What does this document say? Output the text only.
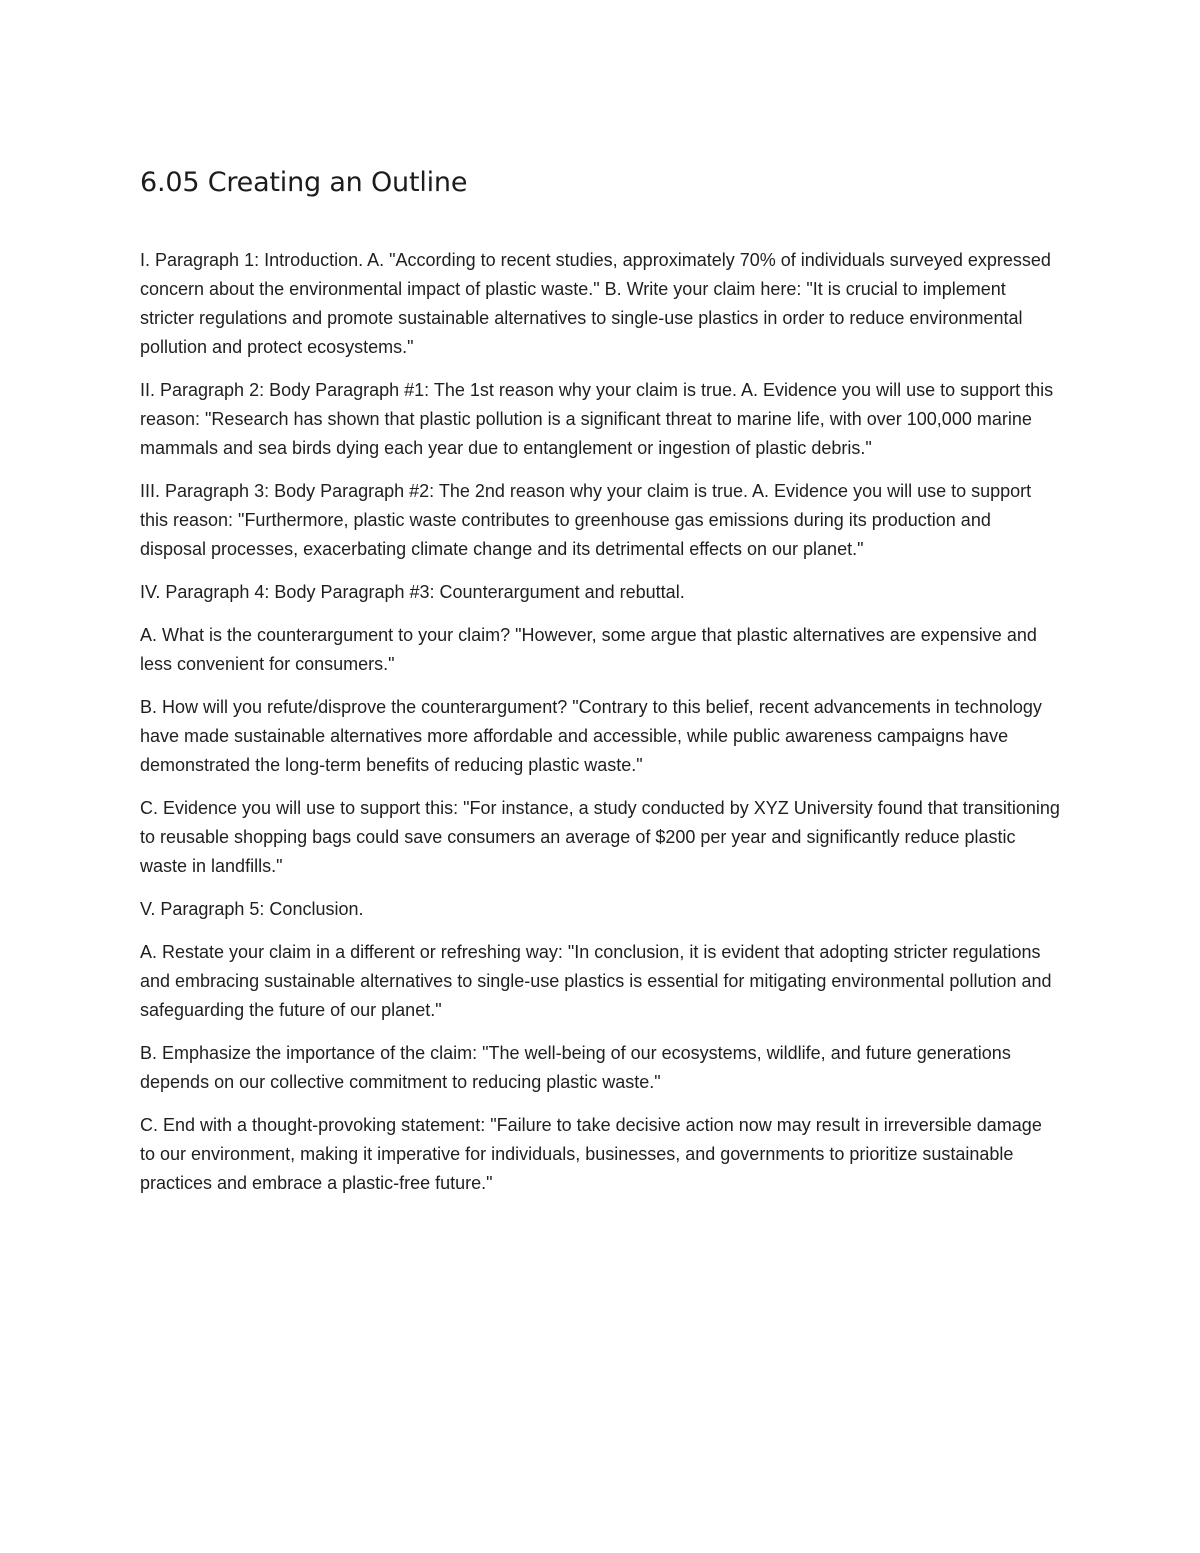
6.05 Creating an Outline

I. Paragraph 1: Introduction. A. "According to recent studies, approximately 70% of individuals surveyed expressed concern about the environmental impact of plastic waste." B. Write your claim here: "It is crucial to implement stricter regulations and promote sustainable alternatives to single-use plastics in order to reduce environmental pollution and protect ecosystems."

II. Paragraph 2: Body Paragraph #1: The 1st reason why your claim is true. A. Evidence you will use to support this reason: "Research has shown that plastic pollution is a significant threat to marine life, with over 100,000 marine mammals and sea birds dying each year due to entanglement or ingestion of plastic debris."

III. Paragraph 3: Body Paragraph #2: The 2nd reason why your claim is true. A. Evidence you will use to support this reason: "Furthermore, plastic waste contributes to greenhouse gas emissions during its production and disposal processes, exacerbating climate change and its detrimental effects on our planet."

IV. Paragraph 4: Body Paragraph #3: Counterargument and rebuttal.

A. What is the counterargument to your claim? "However, some argue that plastic alternatives are expensive and less convenient for consumers."

B. How will you refute/disprove the counterargument? "Contrary to this belief, recent advancements in technology have made sustainable alternatives more affordable and accessible, while public awareness campaigns have demonstrated the long-term benefits of reducing plastic waste."

C. Evidence you will use to support this: "For instance, a study conducted by XYZ University found that transitioning to reusable shopping bags could save consumers an average of $200 per year and significantly reduce plastic waste in landfills."

V. Paragraph 5: Conclusion.

A. Restate your claim in a different or refreshing way: "In conclusion, it is evident that adopting stricter regulations and embracing sustainable alternatives to single-use plastics is essential for mitigating environmental pollution and safeguarding the future of our planet."

B. Emphasize the importance of the claim: "The well-being of our ecosystems, wildlife, and future generations depends on our collective commitment to reducing plastic waste."

C. End with a thought-provoking statement: "Failure to take decisive action now may result in irreversible damage to our environment, making it imperative for individuals, businesses, and governments to prioritize sustainable practices and embrace a plastic-free future."
